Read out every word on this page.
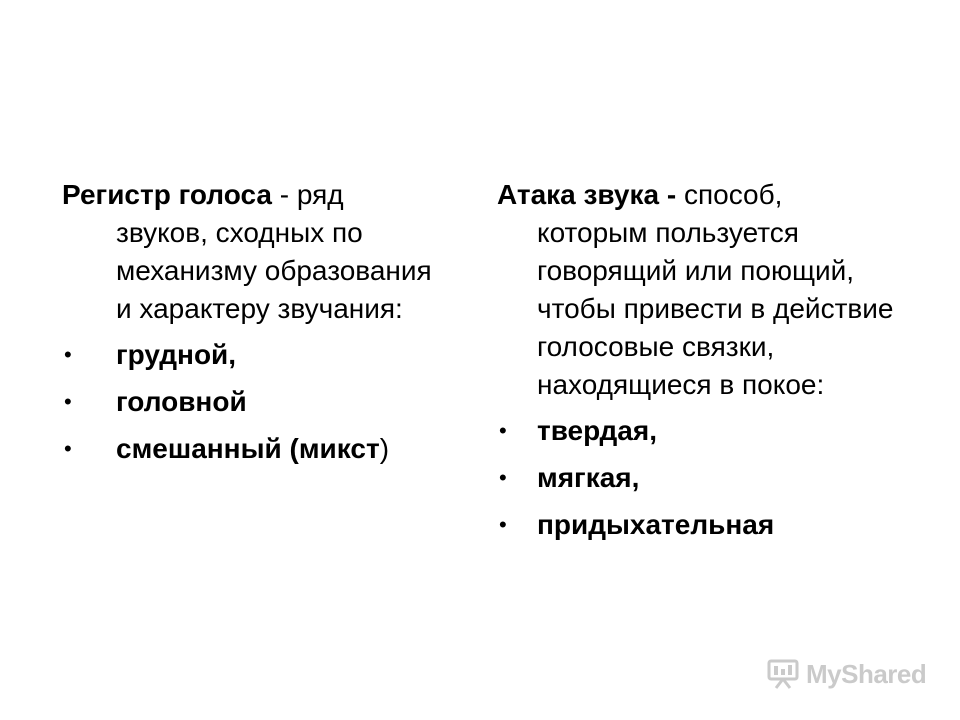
Регистр голоса - ряд звуков, сходных по механизму образования и характеру звучания:

• грудной,
• головной
• смешанный (микст)

Атака звука - способ, которым пользуется говорящий или поющий, чтобы привести в действие голосовые связки, находящиеся в покое:

• твердая,
• мягкая,
• придыхательная
MyShared
